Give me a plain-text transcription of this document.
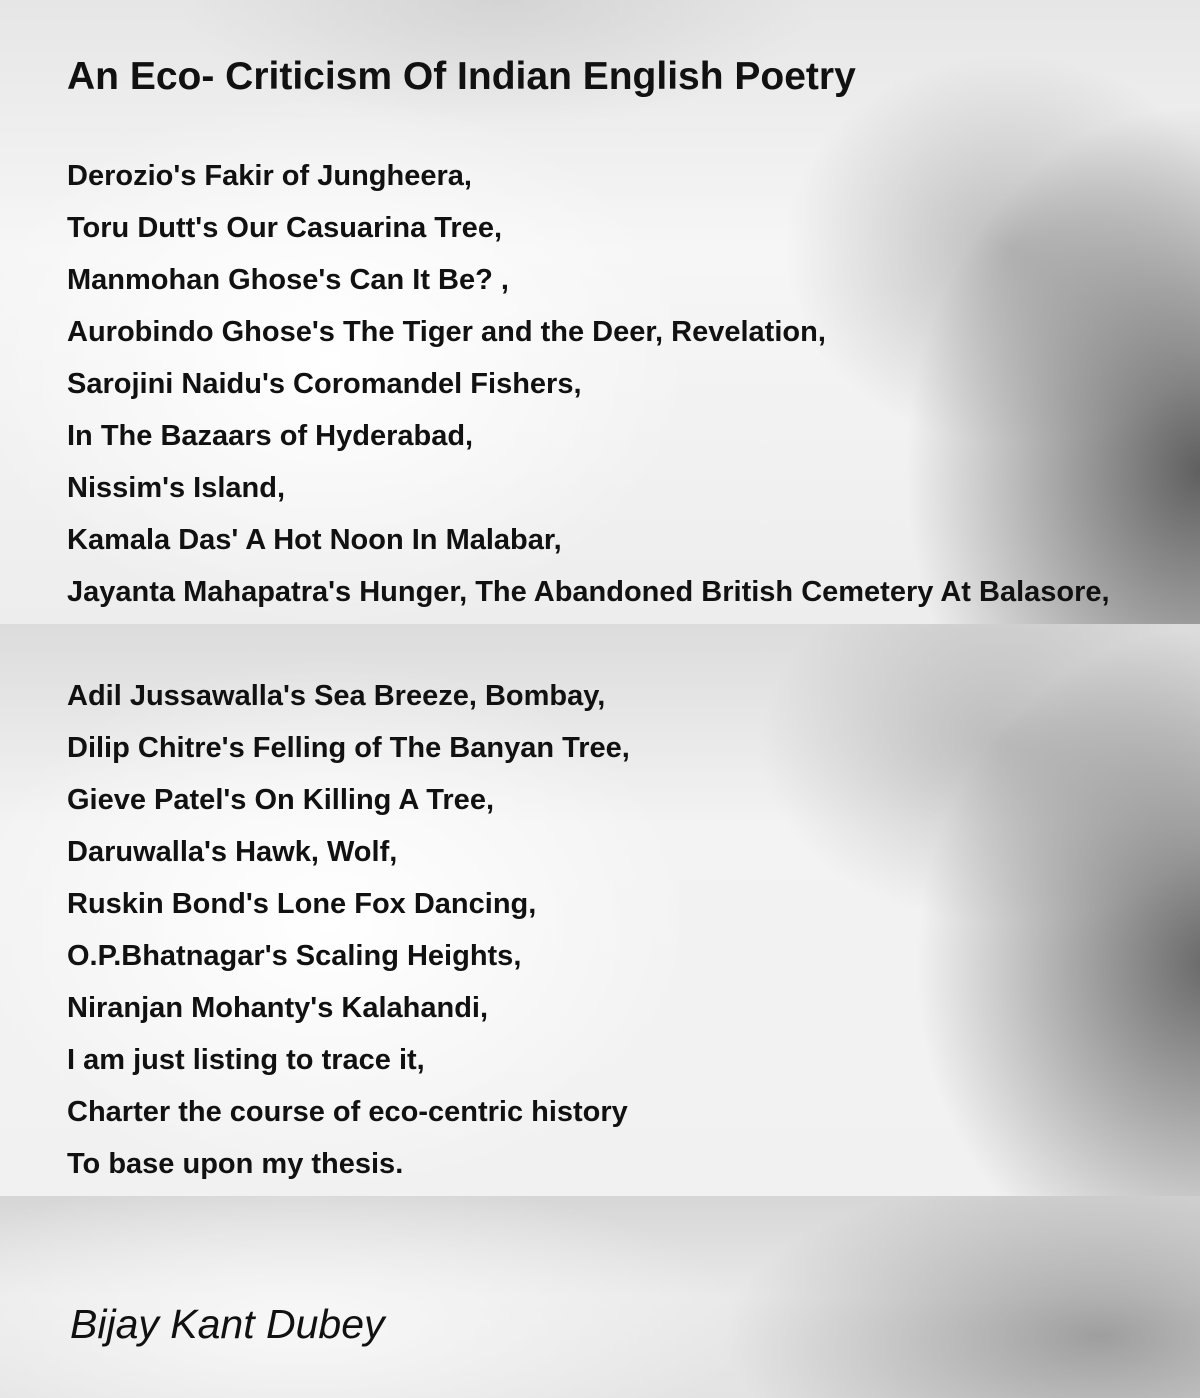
An Eco- Criticism Of Indian English Poetry
Derozio's Fakir of Jungheera,
Toru Dutt's Our Casuarina Tree,
Manmohan Ghose's Can It Be? ,
Aurobindo Ghose's The Tiger and the Deer, Revelation,
Sarojini Naidu's Coromandel Fishers,
In The Bazaars of Hyderabad,
Nissim's Island,
Kamala Das' A Hot Noon In Malabar,
Jayanta Mahapatra's Hunger, The Abandoned British Cemetery At Balasore,
Adil Jussawalla's Sea Breeze, Bombay,
Dilip Chitre's Felling of The Banyan Tree,
Gieve Patel's On Killing A Tree,
Daruwalla's Hawk, Wolf,
Ruskin Bond's Lone Fox Dancing,
O.P.Bhatnagar's Scaling Heights,
Niranjan Mohanty's Kalahandi,
I am just listing to trace it,
Charter the course of eco-centric history
To base upon my thesis.

Bijay Kant Dubey
